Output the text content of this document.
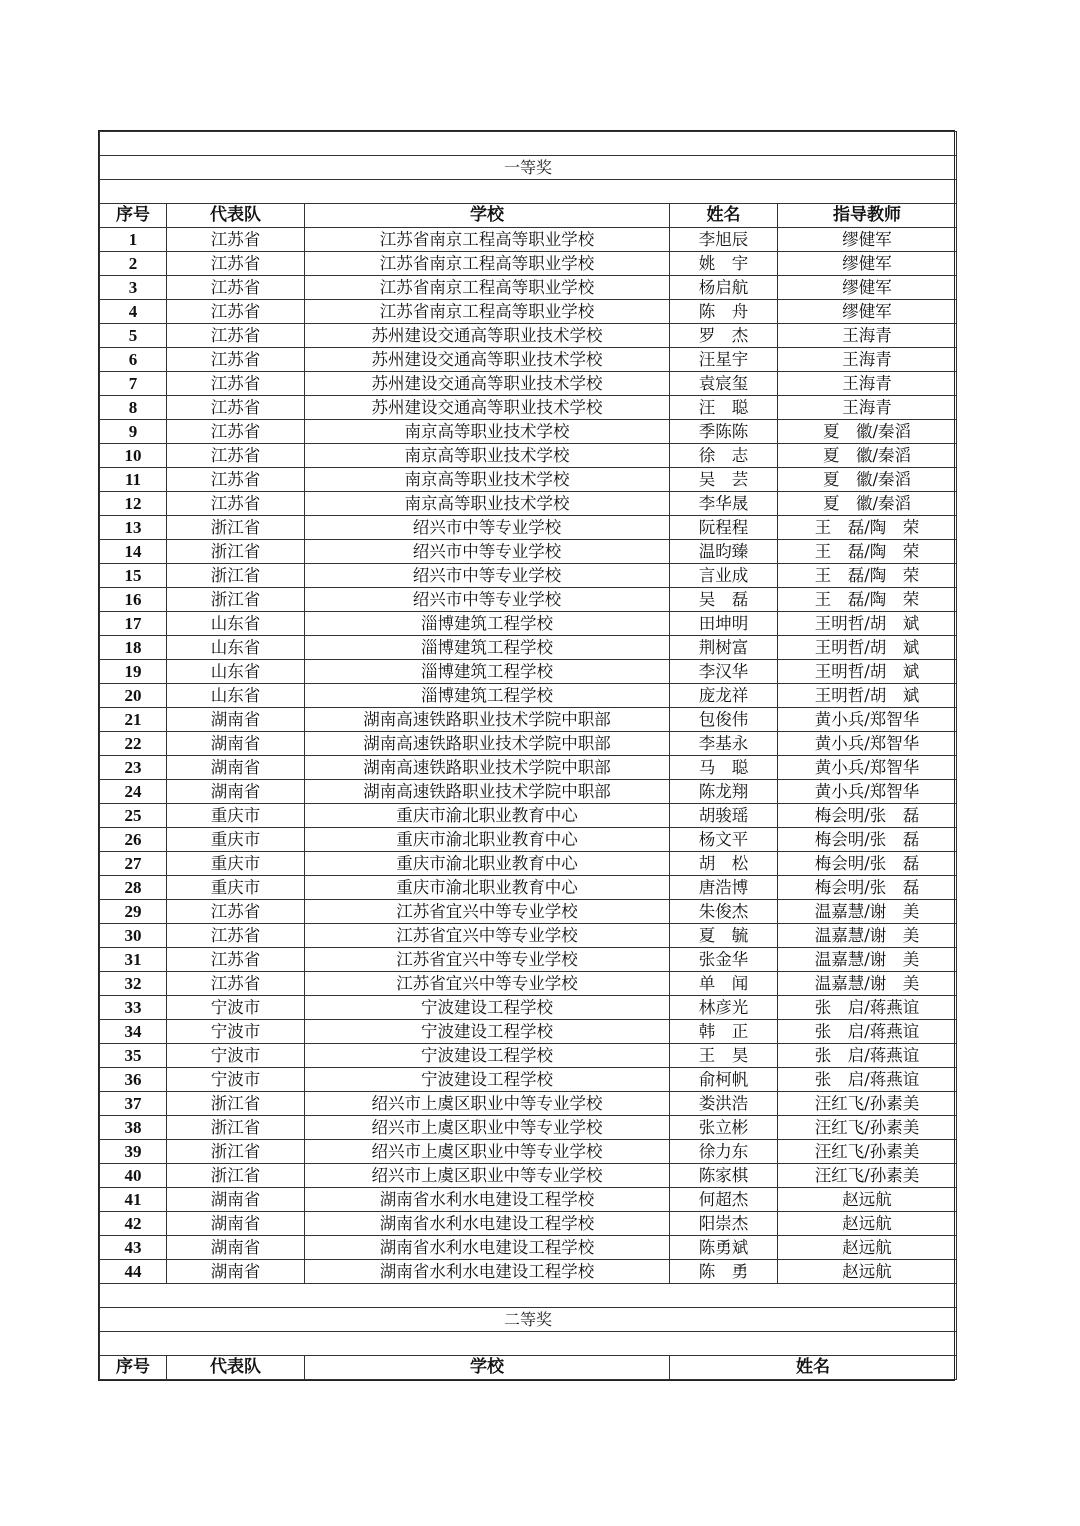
一等奖				

序号	代表队	学校	姓名	指导教师
1	江苏省	江苏省南京工程高等职业学校	李旭辰	缪健军
2	江苏省	江苏省南京工程高等职业学校	姚　宇	缪健军
3	江苏省	江苏省南京工程高等职业学校	杨启航	缪健军
4	江苏省	江苏省南京工程高等职业学校	陈　舟	缪健军
5	江苏省	苏州建设交通高等职业技术学校	罗　杰	王海青
6	江苏省	苏州建设交通高等职业技术学校	汪星宇	王海青
7	江苏省	苏州建设交通高等职业技术学校	袁宸玺	王海青
8	江苏省	苏州建设交通高等职业技术学校	汪　聪	王海青
9	江苏省	南京高等职业技术学校	季陈陈	夏　徽/秦滔
10	江苏省	南京高等职业技术学校	徐　志	夏　徽/秦滔
11	江苏省	南京高等职业技术学校	吴　芸	夏　徽/秦滔
12	江苏省	南京高等职业技术学校	李华晟	夏　徽/秦滔
13	浙江省	绍兴市中等专业学校	阮程程	王　磊/陶　荣
14	浙江省	绍兴市中等专业学校	温昀臻	王　磊/陶　荣
15	浙江省	绍兴市中等专业学校	言业成	王　磊/陶　荣
16	浙江省	绍兴市中等专业学校	吴　磊	王　磊/陶　荣
17	山东省	淄博建筑工程学校	田坤明	王明哲/胡　斌
18	山东省	淄博建筑工程学校	荆树富	王明哲/胡　斌
19	山东省	淄博建筑工程学校	李汉华	王明哲/胡　斌
20	山东省	淄博建筑工程学校	庞龙祥	王明哲/胡　斌
21	湖南省	湖南高速铁路职业技术学院中职部	包俊伟	黄小兵/郑智华
22	湖南省	湖南高速铁路职业技术学院中职部	李基永	黄小兵/郑智华
23	湖南省	湖南高速铁路职业技术学院中职部	马　聪	黄小兵/郑智华
24	湖南省	湖南高速铁路职业技术学院中职部	陈龙翔	黄小兵/郑智华
25	重庆市	重庆市渝北职业教育中心	胡骏瑶	梅会明/张　磊
26	重庆市	重庆市渝北职业教育中心	杨文平	梅会明/张　磊
27	重庆市	重庆市渝北职业教育中心	胡　松	梅会明/张　磊
28	重庆市	重庆市渝北职业教育中心	唐浩博	梅会明/张　磊
29	江苏省	江苏省宜兴中等专业学校	朱俊杰	温嘉慧/谢　美
30	江苏省	江苏省宜兴中等专业学校	夏　毓	温嘉慧/谢　美
31	江苏省	江苏省宜兴中等专业学校	张金华	温嘉慧/谢　美
32	江苏省	江苏省宜兴中等专业学校	单　闻	温嘉慧/谢　美
33	宁波市	宁波建设工程学校	林彦光	张　启/蒋燕谊
34	宁波市	宁波建设工程学校	韩　正	张　启/蒋燕谊
35	宁波市	宁波建设工程学校	王　昊	张　启/蒋燕谊
36	宁波市	宁波建设工程学校	俞柯帆	张　启/蒋燕谊
37	浙江省	绍兴市上虞区职业中等专业学校	娄洪浩	汪红飞/孙素美
38	浙江省	绍兴市上虞区职业中等专业学校	张立彬	汪红飞/孙素美
39	浙江省	绍兴市上虞区职业中等专业学校	徐力东	汪红飞/孙素美
40	浙江省	绍兴市上虞区职业中等专业学校	陈家棋	汪红飞/孙素美
41	湖南省	湖南省水利水电建设工程学校	何超杰	赵远航
42	湖南省	湖南省水利水电建设工程学校	阳崇杰	赵远航
43	湖南省	湖南省水利水电建设工程学校	陈勇斌	赵远航
44	湖南省	湖南省水利水电建设工程学校	陈　勇	赵远航

二等奖				

序号	代表队	学校	姓名	
